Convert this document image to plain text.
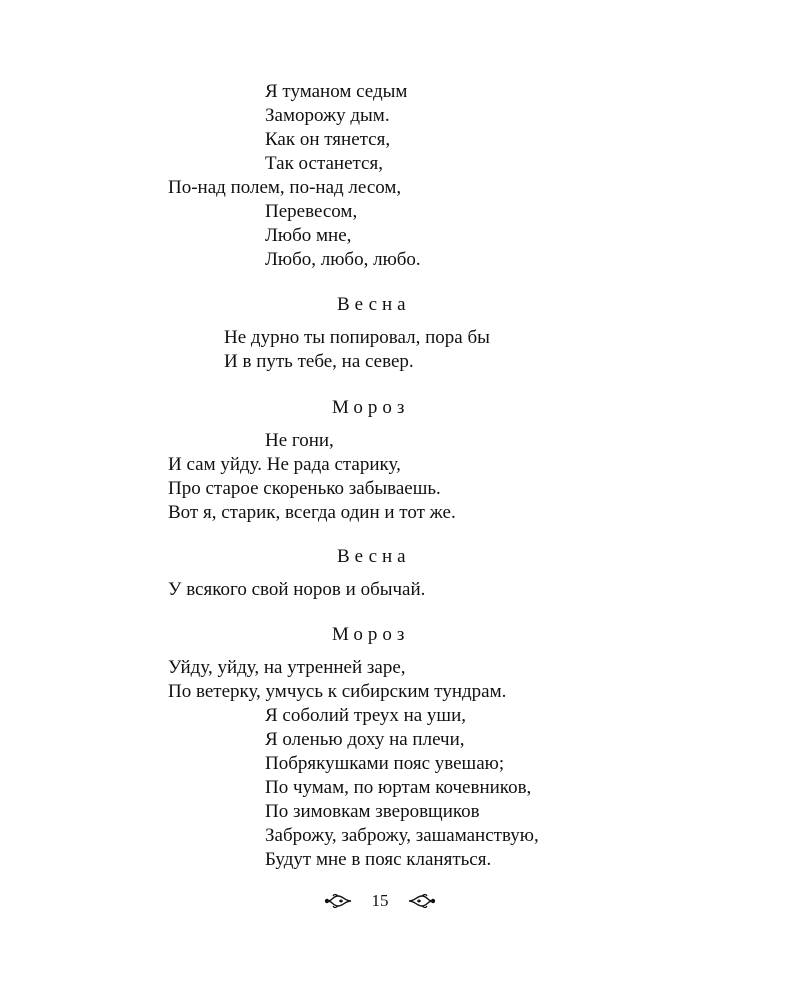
Я туманом седым
Заморожу дым.
Как он тянется,
Так останется,
По-над полем, по-над лесом,
Перевесом,
Любо мне,
Любо, любо, любо.
Весна
Не дурно ты попировал, пора бы
И в путь тебе, на север.
Мороз
Не гони,
И сам уйду. Не рада старику,
Про старое скоренько забываешь.
Вот я, старик, всегда один и тот же.
Весна
У всякого свой норов и обычай.
Мороз
Уйду, уйду, на утренней заре,
По ветерку, умчусь к сибирским тундрам.
Я соболий треух на уши,
Я оленью доху на плечи,
Побрякушками пояс увешаю;
По чумам, по юртам кочевников,
По зимовкам зверовщиков
Заброжу, заброжу, зашаманствую,
Будут мне в пояс кланяться.
15
